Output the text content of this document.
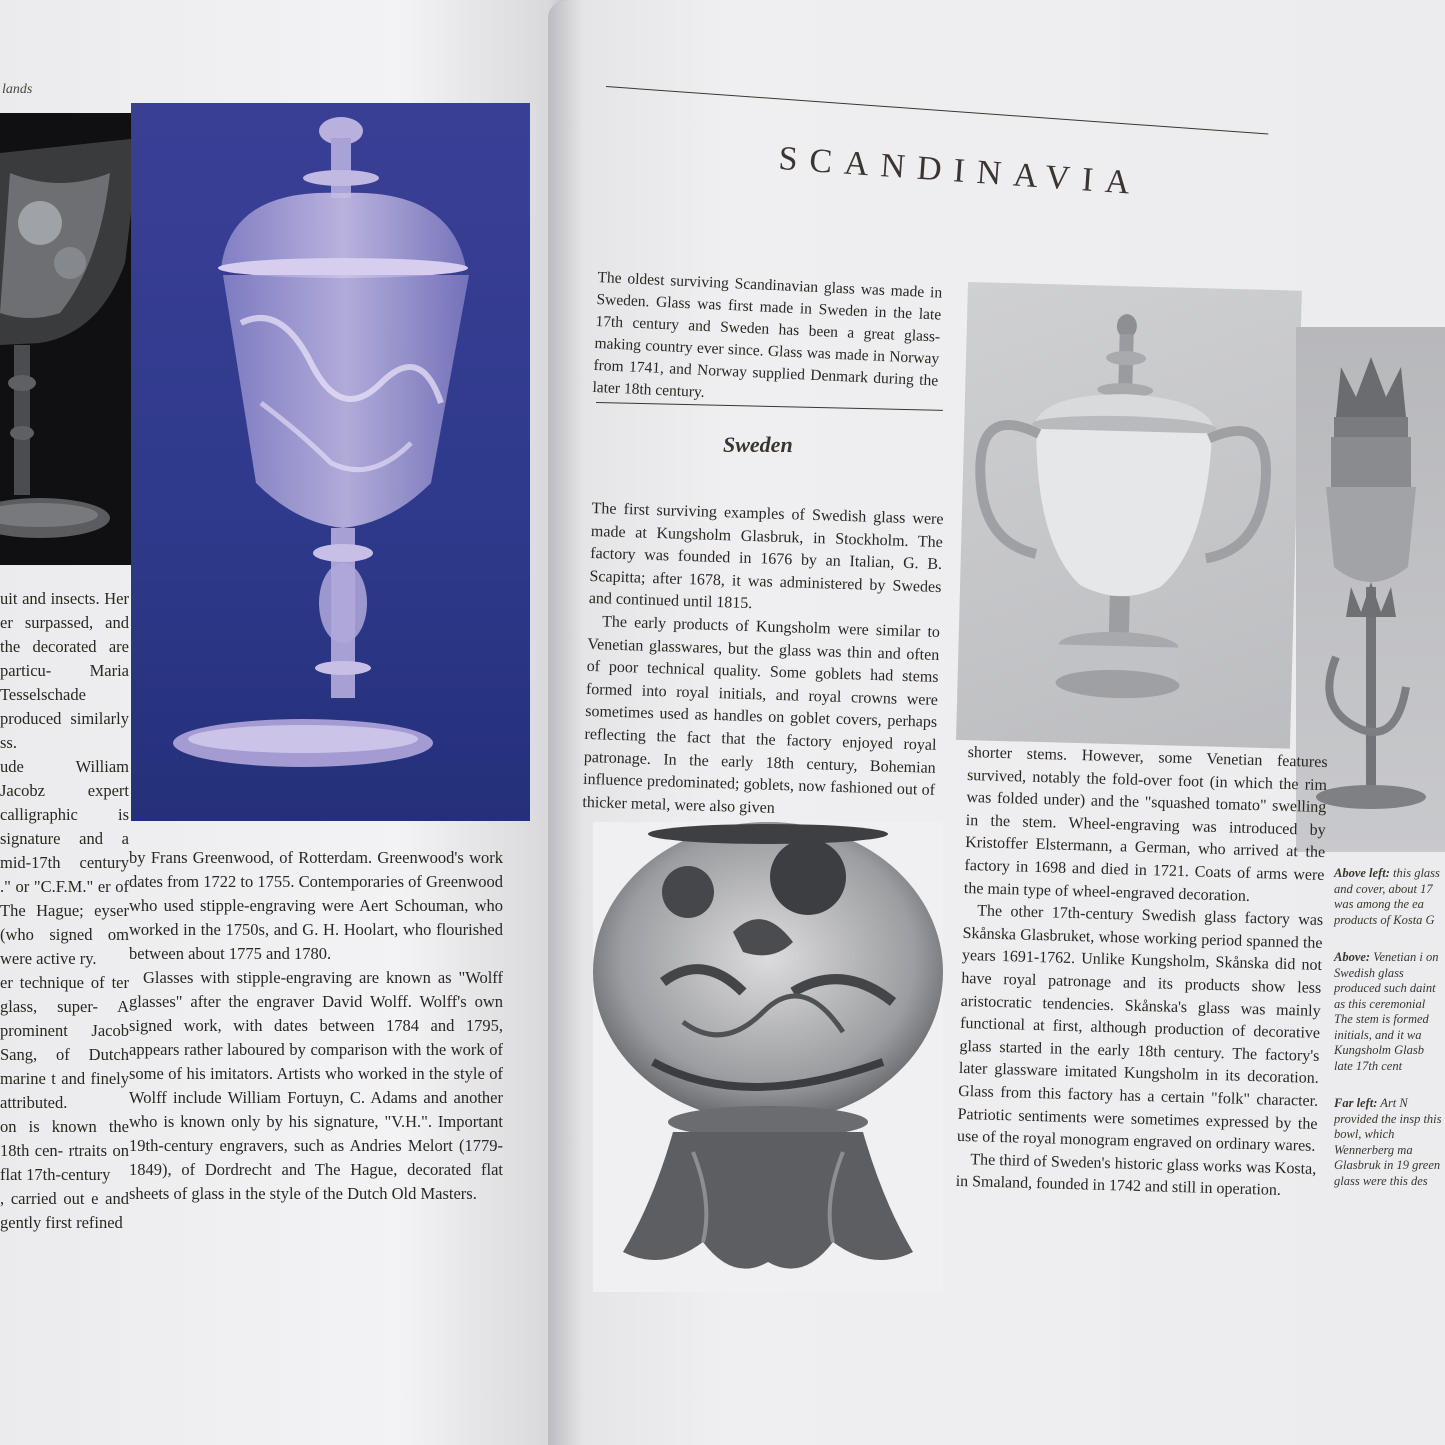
lands

uit and insects. Her er surpassed, and the decorated are particu- Maria Tesselschade produced similarly ss.

ude William Jacobz expert calligraphic is signature and a mid-17th century ." or "C.F.M." er of The Hague; eyser (who signed om were active ry.

er technique of ter glass, super- A prominent Jacob Sang, of Dutch marine t and finely attributed.

on is known the 18th cen- rtraits on flat 17th-century

, carried out e and gently first refined

by Frans Greenwood, of Rotterdam. Greenwood's work dates from 1722 to 1755. Contemporaries of Greenwood who used stipple-engraving were Aert Schouman, who worked in the 1750s, and G. H. Hoolart, who flourished between about 1775 and 1780.

Glasses with stipple-engraving are known as "Wolff glasses" after the engraver David Wolff. Wolff's own signed work, with dates between 1784 and 1795, appears rather laboured by comparison with the work of some of his imitators. Artists who worked in the style of Wolff include William Fortuyn, C. Adams and another who is known only by his signature, "V.H.". Important 19th-century engravers, such as Andries Melort (1779-1849), of Dordrecht and The Hague, decorated flat sheets of glass in the style of the Dutch Old Masters.

SCANDINAVIA

The oldest surviving Scandinavian glass was made in Sweden. Glass was first made in Sweden in the late 17th century and Sweden has been a great glass-making country ever since. Glass was made in Norway from 1741, and Norway supplied Denmark during the later 18th century.

Sweden

The first surviving examples of Swedish glass were made at Kungsholm Glasbruk, in Stockholm. The factory was founded in 1676 by an Italian, G. B. Scapitta; after 1678, it was administered by Swedes and continued until 1815.

The early products of Kungsholm were similar to Venetian glasswares, but the glass was thin and often of poor technical quality. Some goblets had stems formed into royal initials, and royal crowns were sometimes used as handles on goblet covers, perhaps reflecting the fact that the factory enjoyed royal patronage. In the early 18th century, Bohemian influence predominated; goblets, now fashioned out of thicker metal, were also given

shorter stems. However, some Venetian features survived, notably the fold-over foot (in which the rim was folded under) and the "squashed tomato" swelling in the stem. Wheel-engraving was introduced by Kristoffer Elstermann, a German, who arrived at the factory in 1698 and died in 1721. Coats of arms were the main type of wheel-engraved decoration.

The other 17th-century Swedish glass factory was Skånska Glasbruket, whose working period spanned the years 1691-1762. Unlike Kungsholm, Skånska did not have royal patronage and its products show less aristocratic tendencies. Skånska's glass was mainly functional at first, although production of decorative glass started in the early 18th century. The factory's later glassware imitated Kungsholm in its decoration. Glass from this factory has a certain "folk" character. Patriotic sentiments were sometimes expressed by the use of the royal monogram engraved on ordinary wares.

The third of Sweden's historic glass works was Kosta, in Smaland, founded in 1742 and still in operation.

Above left: this glass and cover, about 17 was among the ea products of Kosta G

Above: Venetian i on Swedish glass produced such daint as this ceremonial The stem is formed initials, and it wa Kungsholm Glasb late 17th cent

Far left: Art N provided the insp this bowl, which Wennerberg ma Glasbruk in 19 green glass were this des
